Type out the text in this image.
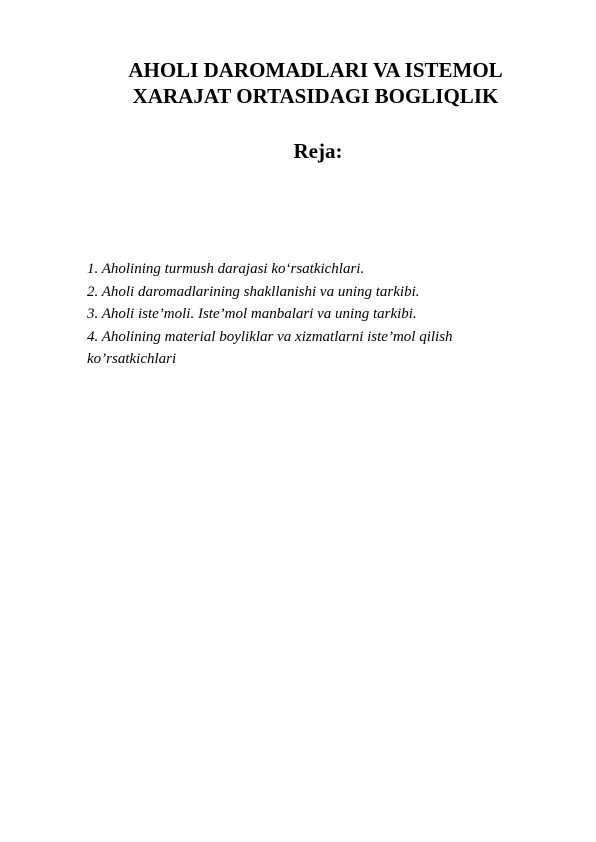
AHOLI DAROMADLARI VA ISTEMOL
XARAJAT ORTASIDAGI BOGLIQLIK
Reja:
1. Aholining turmush darajasi ko‘rsatkichlari.
2. Aholi daromadlarining shakllanishi va uning tarkibi.
3. Aholi iste’moli. Iste’mol manbalari va uning tarkibi.
4. Aholining material boyliklar va xizmatlarni iste’mol qilish ko’rsatkichlari
